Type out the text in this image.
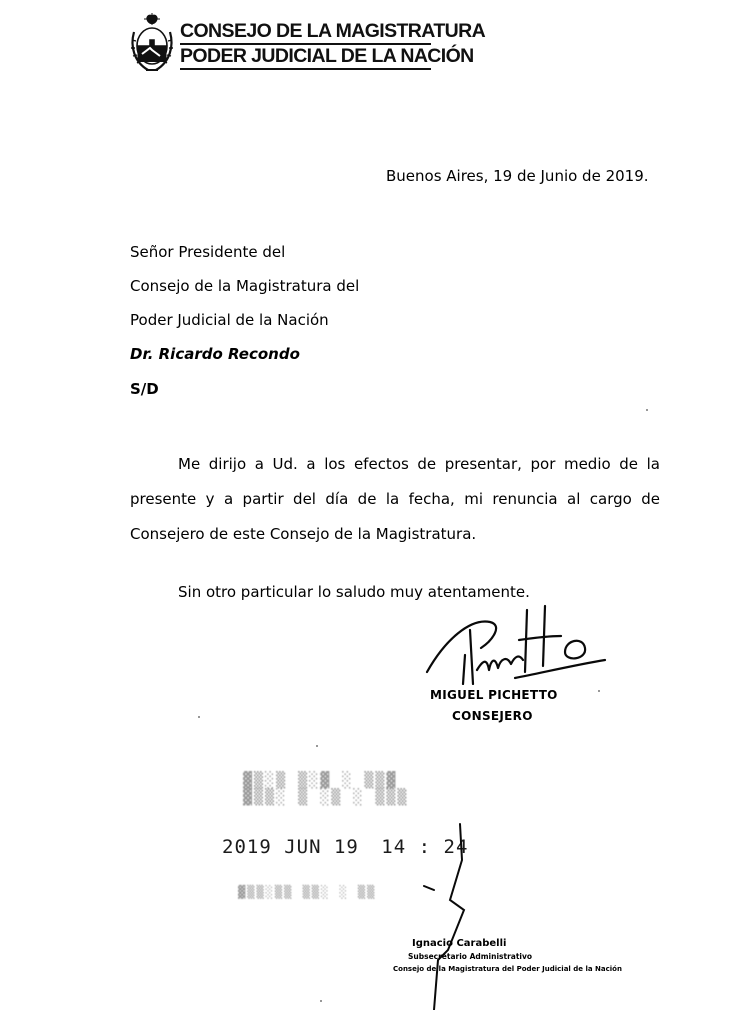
CONSEJO DE LA MAGISTRATURA
PODER JUDICIAL DE LA NACIÓN
Buenos Aires, 19 de Junio de 2019.
Señor Presidente del
Consejo de la Magistratura del
Poder Judicial de la Nación
Dr. Ricardo Recondo
S/D
Me dirijo a Ud. a los efectos de presentar, por medio de la presente y a partir del día de la fecha, mi renuncia al cargo de Consejero de este Consejo de la Magistratura.
Sin otro particular lo saludo muy atentamente.
MIGUEL PICHETTO
CONSEJERO
▓▒░▒ ▒░▓ ░ ▒▒▓
▓▒▒░ ▒ ░▒ ░ ▒▒▒
2019 JUN 19 14 : 24
▓▒▒░▒▒ ▒▒░ ░ ▒▒
Ignacio Carabelli
Subsecretario Administrativo
Consejo de la Magistratura del Poder Judicial de la Nación
